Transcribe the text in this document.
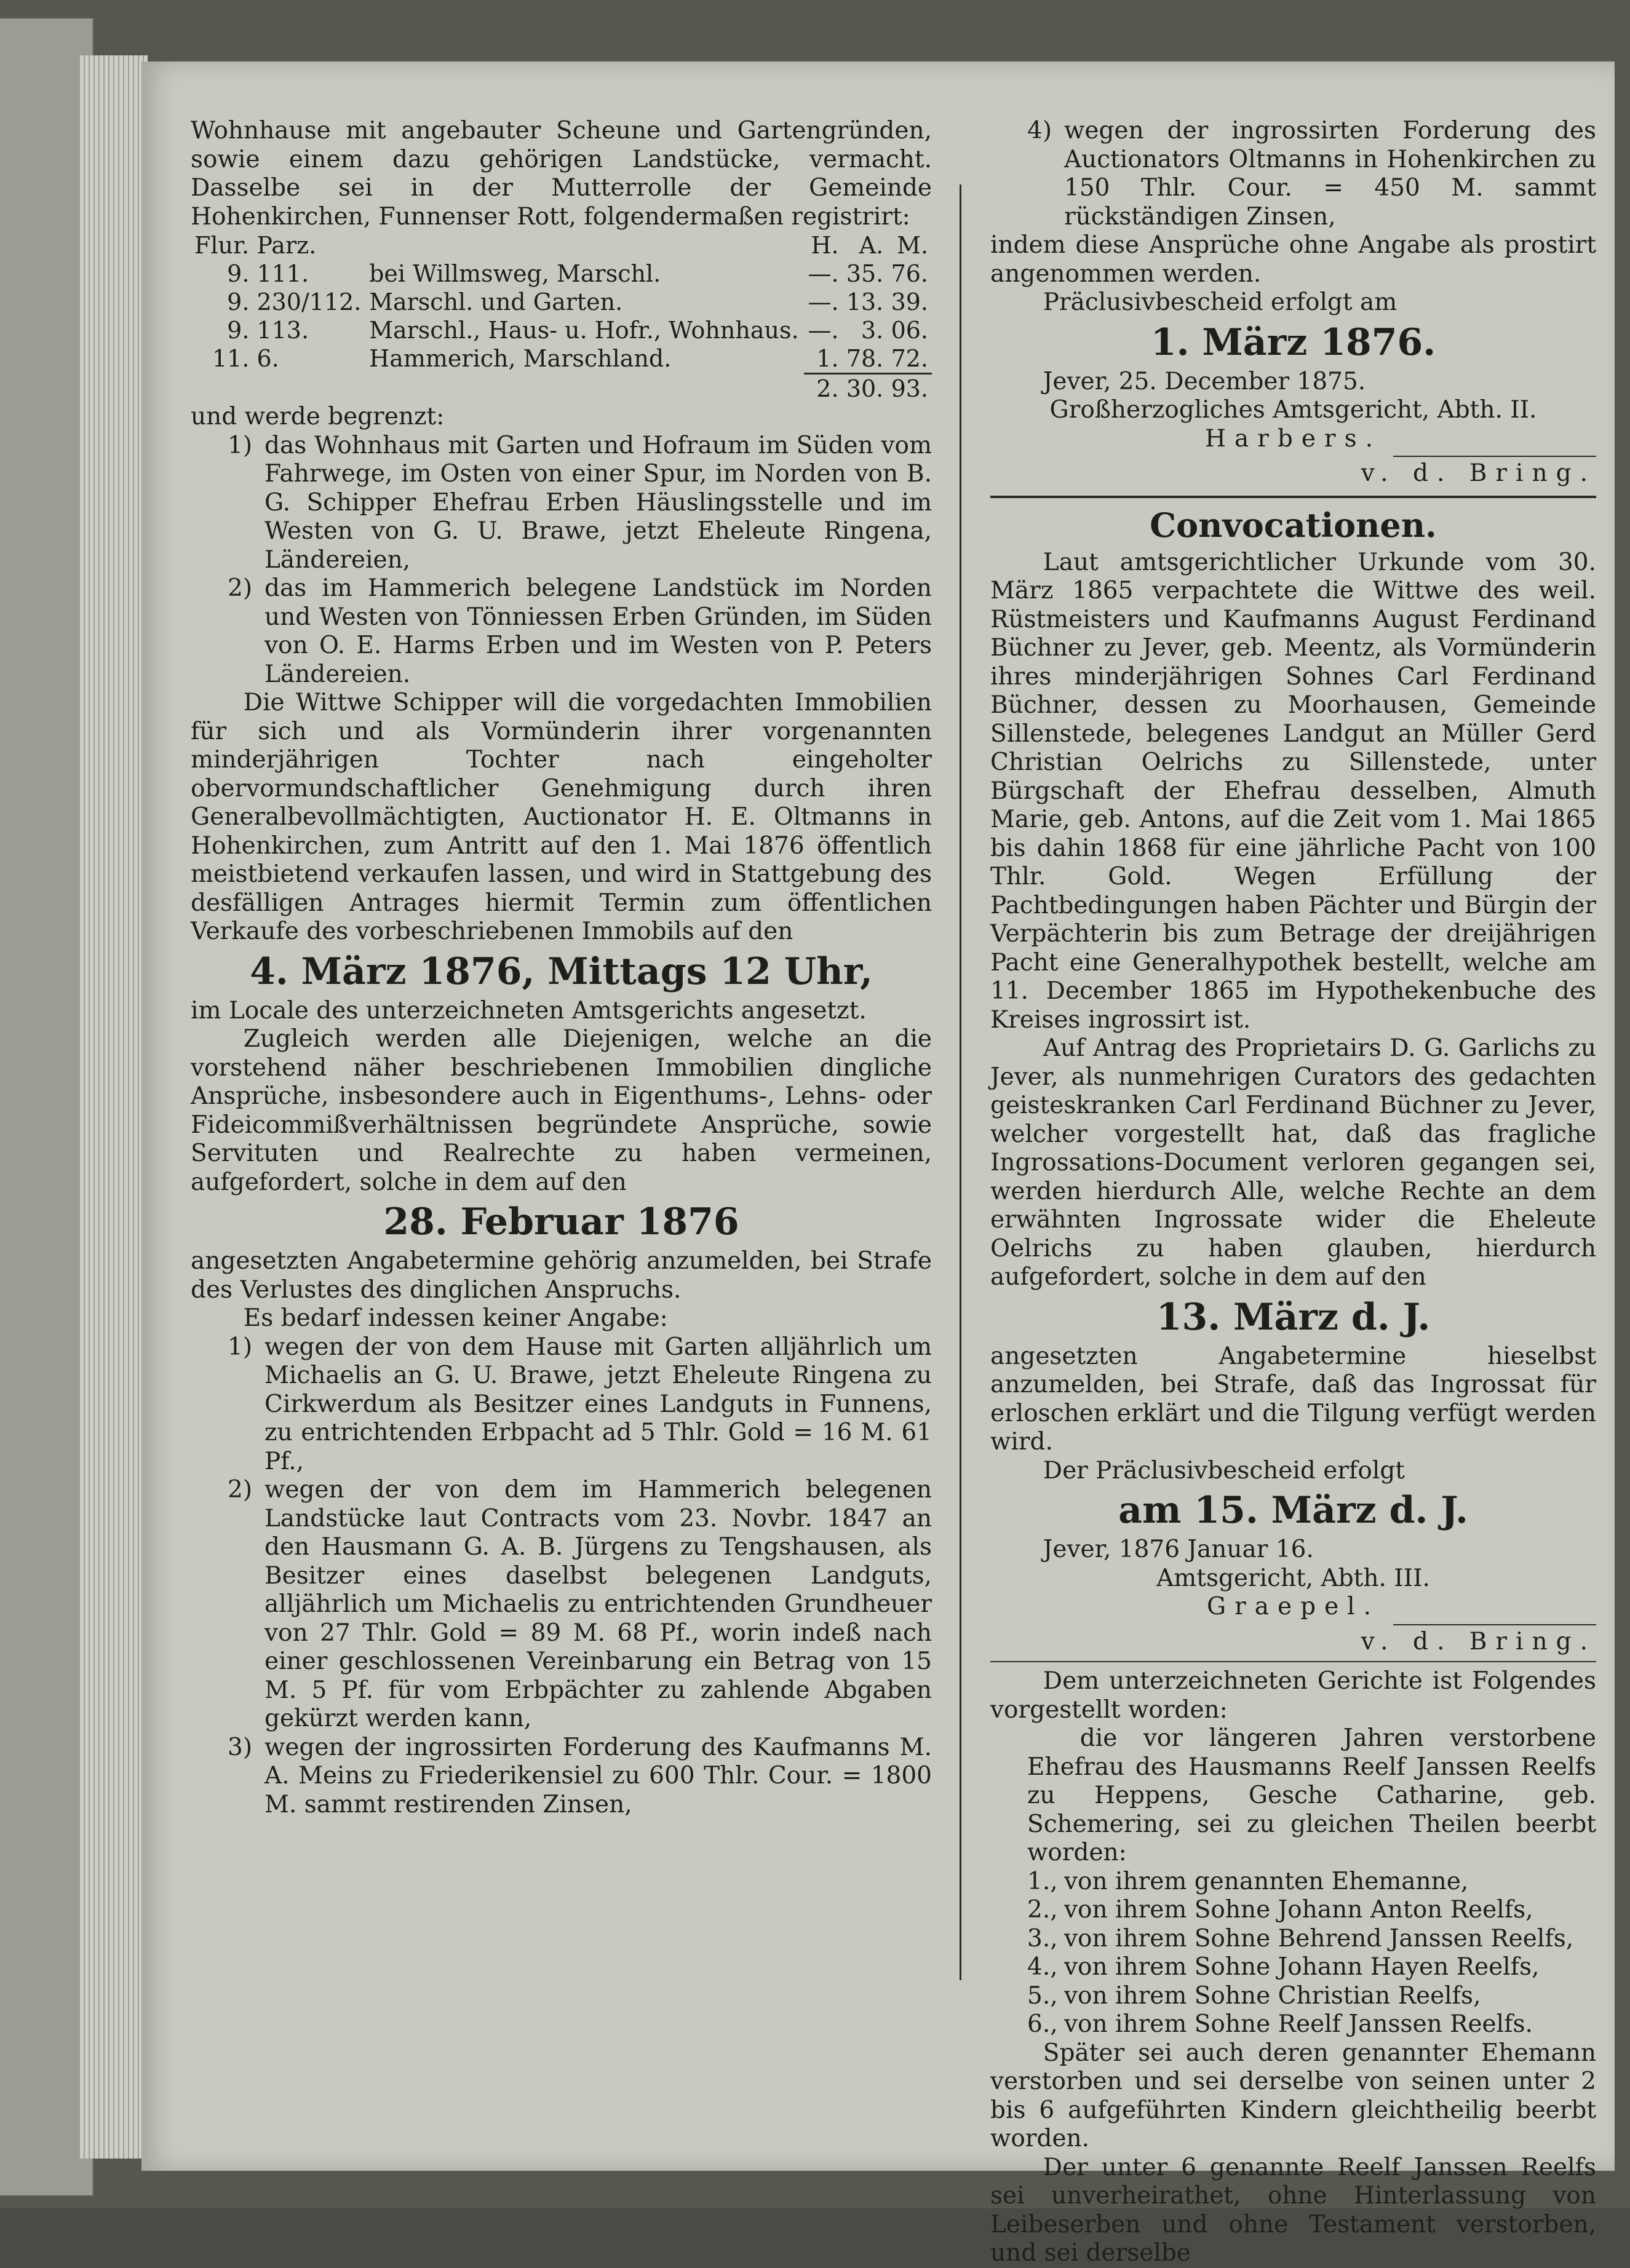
Wohnhause mit angebauter Scheune und Gartengründen, sowie einem dazu gehörigen Landstücke, vermacht. Dasselbe sei in der Mutterrolle der Gemeinde Hohenkirchen, Funnenser Rott, folgendermaßen registrirt:

Flur.	Parz.		H.	A.	M.
9.	111.	bei Willmsweg, Marschl.	—.	35.	76.
9.	230/112.	Marschl. und Garten.	—.	13.	39.
9.	113.	Marschl., Haus- u. Hofr., Wohnhaus.	—.	3.	06.
11.	6.	Hammerich, Marschland.	1.	78.	72.
			2.	30.	93.

und werde begrenzt:

1) das Wohnhaus mit Garten und Hofraum im Süden vom Fahrwege, im Osten von einer Spur, im Norden von B. G. Schipper Ehefrau Erben Häuslingsstelle und im Westen von G. U. Brawe, jetzt Eheleute Ringena, Ländereien,

2) das im Hammerich belegene Landstück im Norden und Westen von Tönniessen Erben Gründen, im Süden von O. E. Harms Erben und im Westen von P. Peters Ländereien.

Die Wittwe Schipper will die vorgedachten Immobilien für sich und als Vormünderin ihrer vorgenannten minderjährigen Tochter nach eingeholter obervormundschaftlicher Genehmigung durch ihren Generalbevollmächtigten, Auctionator H. E. Oltmanns in Hohenkirchen, zum Antritt auf den 1. Mai 1876 öffentlich meistbietend verkaufen lassen, und wird in Stattgebung des desfälligen Antrages hiermit Termin zum öffentlichen Verkaufe des vorbeschriebenen Immobils auf den

4. März 1876, Mittags 12 Uhr,

im Locale des unterzeichneten Amtsgerichts angesetzt.

Zugleich werden alle Diejenigen, welche an die vorstehend näher beschriebenen Immobilien dingliche Ansprüche, insbesondere auch in Eigenthums-, Lehns- oder Fideicommißverhältnissen begründete Ansprüche, sowie Servituten und Realrechte zu haben vermeinen, aufgefordert, solche in dem auf den

28. Februar 1876

angesetzten Angabetermine gehörig anzumelden, bei Strafe des Verlustes des dinglichen Anspruchs.

Es bedarf indessen keiner Angabe:

1) wegen der von dem Hause mit Garten alljährlich um Michaelis an G. U. Brawe, jetzt Eheleute Ringena zu Cirkwerdum als Besitzer eines Landguts in Funnens, zu entrichtenden Erbpacht ad 5 Thlr. Gold = 16 M. 61 Pf.,

2) wegen der von dem im Hammerich belegenen Landstücke laut Contracts vom 23. Novbr. 1847 an den Hausmann G. A. B. Jürgens zu Tengshausen, als Besitzer eines daselbst belegenen Landguts, alljährlich um Michaelis zu entrichtenden Grundheuer von 27 Thlr. Gold = 89 M. 68 Pf., worin indeß nach einer geschlossenen Vereinbarung ein Betrag von 15 M. 5 Pf. für vom Erbpächter zu zahlende Abgaben gekürzt werden kann,

3) wegen der ingrossirten Forderung des Kaufmanns M. A. Meins zu Friederikensiel zu 600 Thlr. Cour. = 1800 M. sammt restirenden Zinsen,

4) wegen der ingrossirten Forderung des Auctionators Oltmanns in Hohenkirchen zu 150 Thlr. Cour. = 450 M. sammt rückständigen Zinsen,

indem diese Ansprüche ohne Angabe als prostirt angenommen werden.

Präclusivbescheid erfolgt am

1. März 1876.

Jever, 25. December 1875.

Großherzogliches Amtsgericht, Abth. II.

Harbers.

v. d. Bring.

Convocationen.

Laut amtsgerichtlicher Urkunde vom 30. März 1865 verpachtete die Wittwe des weil. Rüstmeisters und Kaufmanns August Ferdinand Büchner zu Jever, geb. Meentz, als Vormünderin ihres minderjährigen Sohnes Carl Ferdinand Büchner, dessen zu Moorhausen, Gemeinde Sillenstede, belegenes Landgut an Müller Gerd Christian Oelrichs zu Sillenstede, unter Bürgschaft der Ehefrau desselben, Almuth Marie, geb. Antons, auf die Zeit vom 1. Mai 1865 bis dahin 1868 für eine jährliche Pacht von 100 Thlr. Gold. Wegen Erfüllung der Pachtbedingungen haben Pächter und Bürgin der Verpächterin bis zum Betrage der dreijährigen Pacht eine Generalhypothek bestellt, welche am 11. December 1865 im Hypothekenbuche des Kreises ingrossirt ist.

Auf Antrag des Proprietairs D. G. Garlichs zu Jever, als nunmehrigen Curators des gedachten geisteskranken Carl Ferdinand Büchner zu Jever, welcher vorgestellt hat, daß das fragliche Ingrossations-Document verloren gegangen sei, werden hierdurch Alle, welche Rechte an dem erwähnten Ingrossate wider die Eheleute Oelrichs zu haben glauben, hierdurch aufgefordert, solche in dem auf den

13. März d. J.

angesetzten Angabetermine hieselbst anzumelden, bei Strafe, daß das Ingrossat für erloschen erklärt und die Tilgung verfügt werden wird.

Der Präclusivbescheid erfolgt

am 15. März d. J.

Jever, 1876 Januar 16.

Amtsgericht, Abth. III.

Graepel.

v. d. Bring.

Dem unterzeichneten Gerichte ist Folgendes vorgestellt worden:

die vor längeren Jahren verstorbene Ehefrau des Hausmanns Reelf Janssen Reelfs zu Heppens, Gesche Catharine, geb. Schemering, sei zu gleichen Theilen beerbt worden:

1., von ihrem genannten Ehemanne,

2., von ihrem Sohne Johann Anton Reelfs,

3., von ihrem Sohne Behrend Janssen Reelfs,

4., von ihrem Sohne Johann Hayen Reelfs,

5., von ihrem Sohne Christian Reelfs,

6., von ihrem Sohne Reelf Janssen Reelfs.

Später sei auch deren genannter Ehemann verstorben und sei derselbe von seinen unter 2 bis 6 aufgeführten Kindern gleichtheilig beerbt worden.

Der unter 6 genannte Reelf Janssen Reelfs sei unverheirathet, ohne Hinterlassung von Leibeserben und ohne Testament verstorben, und sei derselbe
